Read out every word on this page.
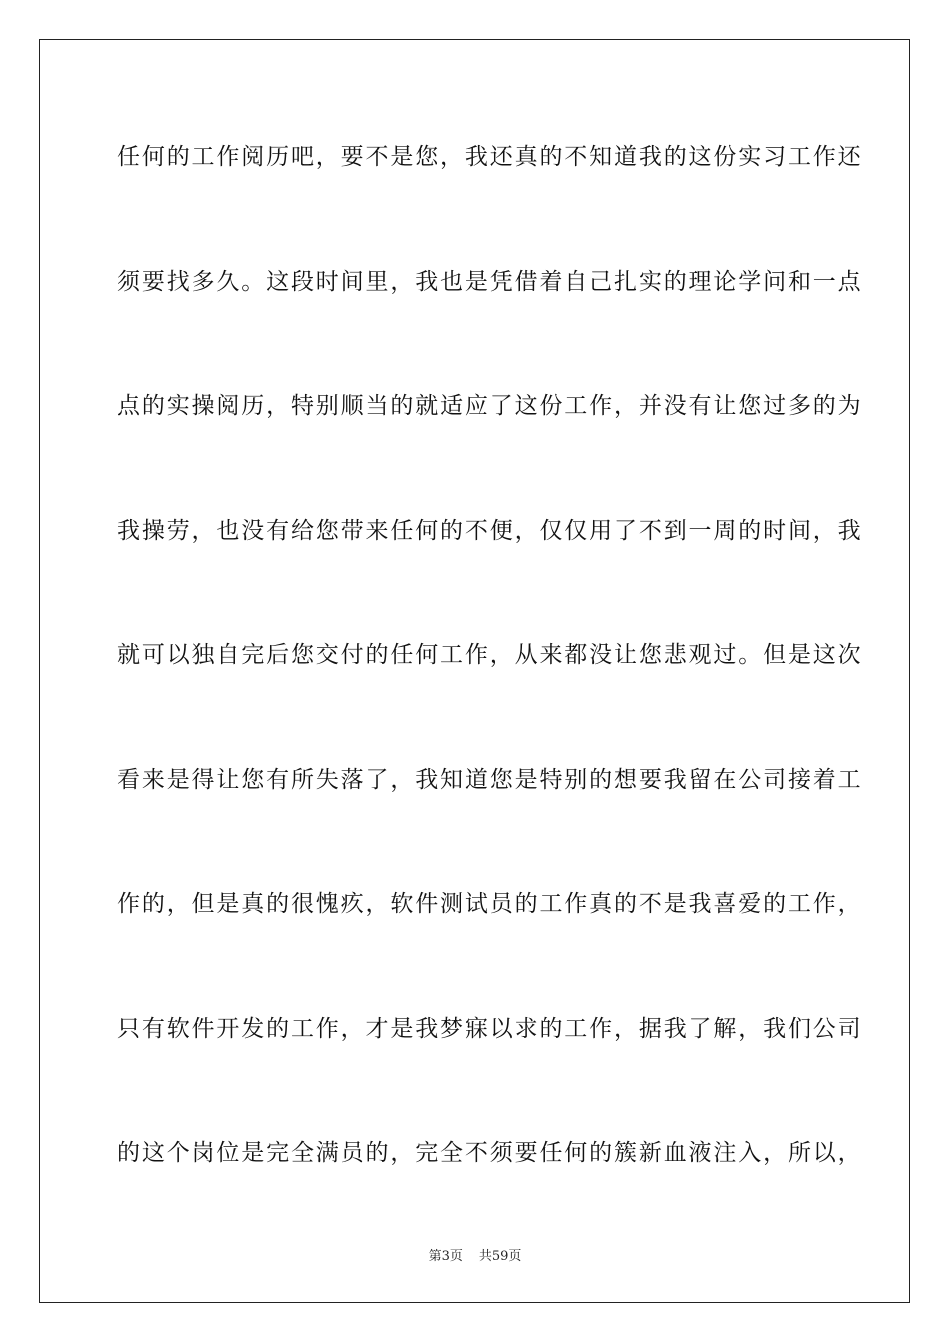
任何的工作阅历吧，要不是您，我还真的不知道我的这份实习工作还
须要找多久。这段时间里，我也是凭借着自己扎实的理论学问和一点
点的实操阅历，特别顺当的就适应了这份工作，并没有让您过多的为
我操劳，也没有给您带来任何的不便，仅仅用了不到一周的时间，我
就可以独自完后您交付的任何工作，从来都没让您悲观过。但是这次
看来是得让您有所失落了，我知道您是特别的想要我留在公司接着工
作的，但是真的很愧疚，软件测试员的工作真的不是我喜爱的工作，
只有软件开发的工作，才是我梦寐以求的工作，据我了解，我们公司
的这个岗位是完全满员的，完全不须要任何的簇新血液注入，所以，
第3页 共59页
